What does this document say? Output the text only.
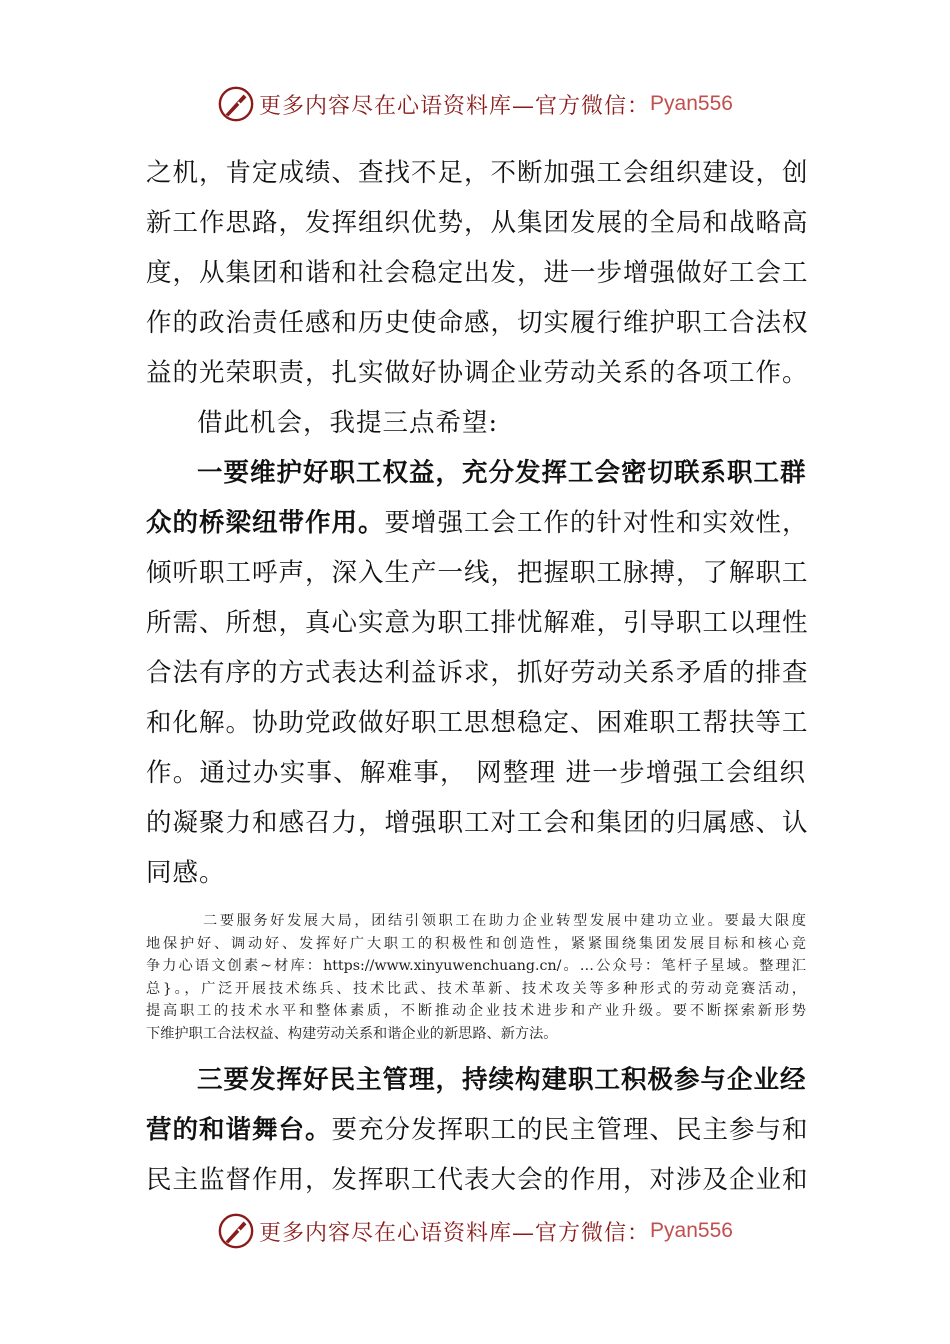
更多内容尽在心语资料库—官方微信： Pyan556
之机，肯定成绩、查找不足，不断加强工会组织建设，创
新工作思路，发挥组织优势，从集团发展的全局和战略高
度，从集团和谐和社会稳定出发，进一步增强做好工会工
作的政治责任感和历史使命感，切实履行维护职工合法权
益的光荣职责，扎实做好协调企业劳动关系的各项工作。
借此机会，我提三点希望:
一要维护好职工权益，充分发挥工会密切联系职工群
众的桥梁纽带作用。要增强工会工作的针对性和实效性，
倾听职工呼声，深入生产一线，把握职工脉搏，了解职工
所需、所想，真心实意为职工排忧解难，引导职工以理性
合法有序的方式表达利益诉求，抓好劳动关系矛盾的排查
和化解。协助党政做好职工思想稳定、困难职工帮扶等工
作。通过办实事、解难事， 网整理 进一步增强工会组织
的凝聚力和感召力，增强职工对工会和集团的归属感、认
同感。
二要服务好发展大局，团结引领职工在助力企业转型发展中建功立业。要最大限度
地保护好、调动好、发挥好广大职工的积极性和创造性，紧紧围绕集团发展目标和核心竞
争力心语文创素~材库：https://www.xinyuwenchuang.cn/。…公众号：笔杆子星域。整理汇
总}。，广泛开展技术练兵、技术比武、技术革新、技术攻关等多种形式的劳动竞赛活动，
提高职工的技术水平和整体素质，不断推动企业技术进步和产业升级。要不断探索新形势
下维护职工合法权益、构建劳动关系和谐企业的新思路、新方法。
三要发挥好民主管理，持续构建职工积极参与企业经
营的和谐舞台。要充分发挥职工的民主管理、民主参与和
民主监督作用，发挥职工代表大会的作用，对涉及企业和
更多内容尽在心语资料库—官方微信： Pyan556
